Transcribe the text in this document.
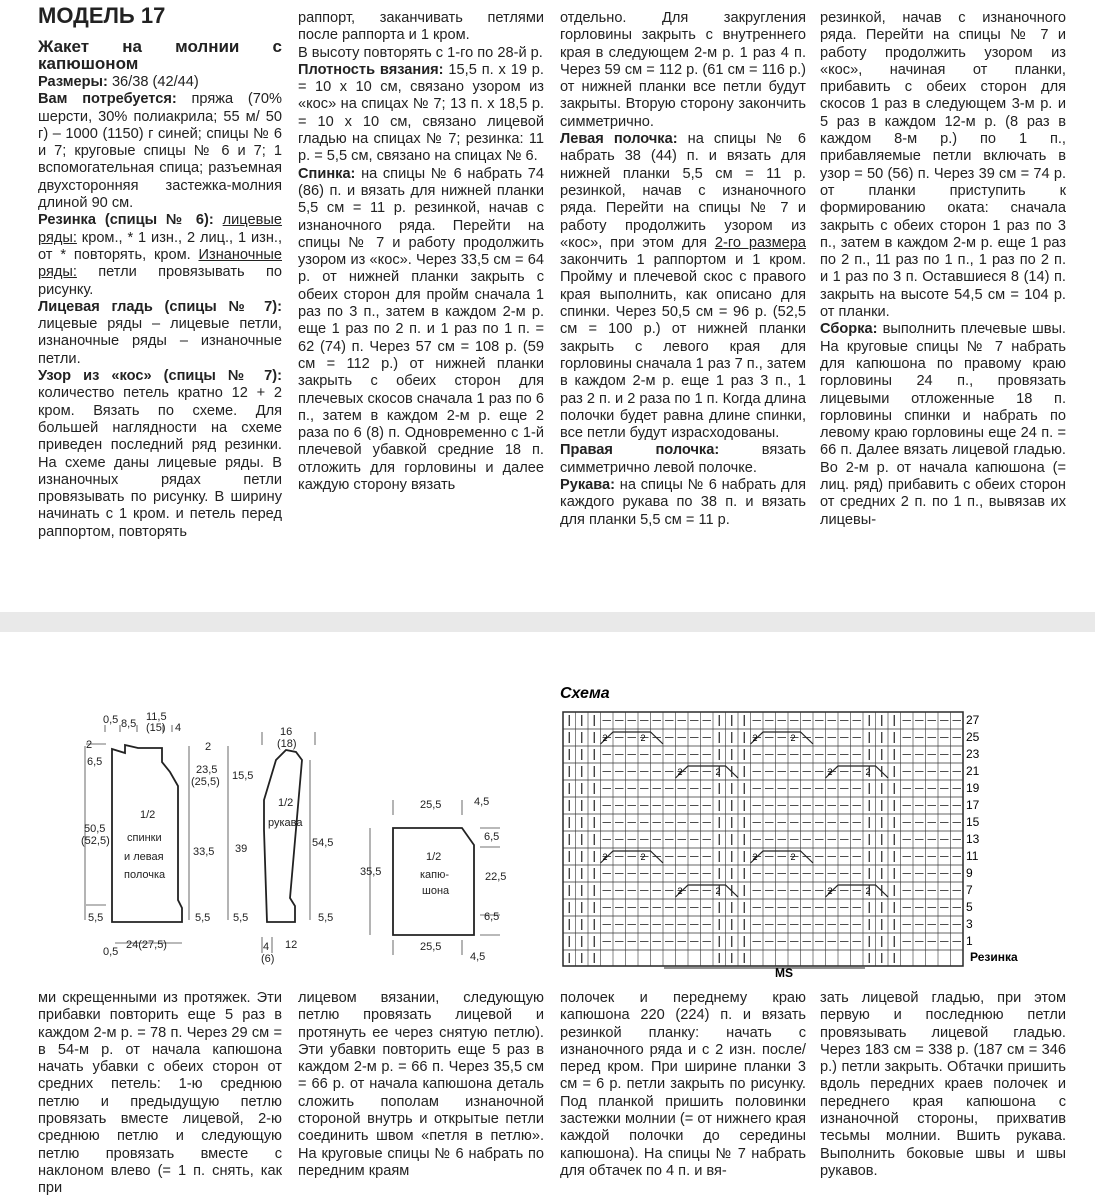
МОДЕЛЬ 17

Жакет на молнии с капюшоном

Размеры: 36/38 (42/44)

Вам потребуется: пряжа (70% шерсти, 30% полиакрила; 55 м/ 50 г) – 1000 (1150) г синей; спицы № 6 и 7; круговые спицы № 6 и 7; 1 вспомогательная спица; разъемная двухсторонняя застежка-молния длиной 90 см.

Резинка (спицы № 6): лицевые ряды: кром., * 1 изн., 2 лиц., 1 изн., от * повторять, кром. Изнаночные ряды: петли провязывать по рисунку.

Лицевая гладь (спицы № 7): лицевые ряды – лицевые петли, изнаночные ряды – изнаночные петли.

Узор из «кос» (спицы № 7): количество петель кратно 12 + 2 кром. Вязать по схеме. Для большей наглядности на схеме приведен последний ряд резинки. На схеме даны лицевые ряды. В изнаночных рядах петли провязывать по рисунку. В ширину начинать с 1 кром. и петель перед раппортом, повторять

раппорт, заканчивать петлями после раппорта и 1 кром.

В высоту повторять с 1-го по 28-й р.

Плотность вязания: 15,5 п. х 19 р. = 10 х 10 см, связано узором из «кос» на спицах № 7; 13 п. х 18,5 р. = 10 х 10 см, связано лицевой гладью на спицах № 7; резинка: 11 р. = 5,5 см, связано на спицах № 6.

Спинка: на спицы № 6 набрать 74 (86) п. и вязать для нижней планки 5,5 см = 11 р. резинкой, начав с изнаночного ряда. Перейти на спицы № 7 и работу продолжить узором из «кос». Через 33,5 см = 64 р. от нижней планки закрыть с обеих сторон для пройм сначала 1 раз по 3 п., затем в каждом 2-м р. еще 1 раз по 2 п. и 1 раз по 1 п. = 62 (74) п. Через 57 см = 108 р. (59 см = 112 р.) от нижней планки закрыть с обеих сторон для плечевых скосов сначала 1 раз по 6 п., затем в каждом 2-м р. еще 2 раза по 6 (8) п. Одновременно с 1-й плечевой убавкой средние 18 п. отложить для горловины и далее каждую сторону вязать

отдельно. Для закругления горловины закрыть с внутреннего края в следующем 2-м р. 1 раз 4 п. Через 59 см = 112 р. (61 см = 116 р.) от нижней планки все петли будут закрыты. Вторую сторону закончить симметрично.

Левая полочка: на спицы № 6 набрать 38 (44) п. и вязать для нижней планки 5,5 см = 11 р. резинкой, начав с изнаночного ряда. Перейти на спицы № 7 и работу продолжить узором из «кос», при этом для 2-го размера закончить 1 раппортом и 1 кром. Пройму и плечевой скос с правого края выполнить, как описано для спинки. Через 50,5 см = 96 р. (52,5 см = 100 р.) от нижней планки закрыть с левого края для горловины сначала 1 раз 7 п., затем в каждом 2-м р. еще 1 раз 3 п., 1 раз 2 п. и 2 раза по 1 п. Когда длина полочки будет равна длине спинки, все петли будут израсходованы.

Правая полочка: вязать симметрично левой полочке.

Рукава: на спицы № 6 набрать для каждого рукава по 38 п. и вязать для планки 5,5 см = 11 р.

резинкой, начав с изнаночного ряда. Перейти на спицы № 7 и работу продолжить узором из «кос», начиная от планки, прибавить с обеих сторон для скосов 1 раз в следующем 3-м р. и 5 раз в каждом 12-м р. (8 раз в каждом 8-м р.) по 1 п., прибавляемые петли включать в узор = 50 (56) п. Через 39 см = 74 р. от планки приступить к формированию оката: сначала закрыть с обеих сторон 1 раз по 3 п., затем в каждом 2-м р. еще 1 раз по 2 п., 11 раз по 1 п., 1 раз по 2 п. и 1 раз по 3 п. Оставшиеся 8 (14) п. закрыть на высоте 54,5 см = 104 р. от планки.

Сборка: выполнить плечевые швы. На круговые спицы № 7 набрать для капюшона по правому краю горловины 24 п., провязать лицевыми отложенные 18 п. горловины спинки и набрать по левому краю горловины еще 24 п. = 66 п. Далее вязать лицевой гладью. Во 2-м р. от начала капюшона (= лиц. ряд) прибавить с обеих сторон от средних 2 п. по 1 п., вывязав их лицевы-

0,5 8,5
11,5
(15) 4
2
6,5
2
23,5
(25,5) 15,5
50,5
(52,5)
33,5 39
1/2
спинки
и левая
полочка
5,5	5,5 5,5
0,5
24(27,5)
16
(18)
1/2
рукава
54,5
5,5
4
(6)
12
25,5	4,5
6,5
35,5
1/2
капю-
шона
22,5
6,5
25,5
4,5
Схема
2	2	2	2
2	2	2	2
2	2	2	2
2	2	2	2
27
25
23
21
19
17
15
13
11
9
7
5
3
1
MS
Резинка
ми скрещенными из протяжек. Эти прибавки повторить еще 5 раз в каждом 2-м р. = 78 п. Через 29 см = в 54-м р. от начала капюшона начать убавки с обеих сторон от средних петель: 1-ю среднюю петлю и предыдущую петлю провязать вместе лицевой, 2-ю среднюю петлю и следующую петлю провязать вместе с наклоном влево (= 1 п. снять, как при
лицевом вязании, следующую петлю провязать лицевой и протянуть ее через снятую петлю). Эти убавки повторить еще 5 раз в каждом 2-м р. = 66 п. Через 35,5 см = 66 р. от начала капюшона деталь сложить пополам изнаночной стороной внутрь и открытые петли соединить швом «петля в петлю». На круговые спицы № 6 набрать по передним краям
полочек и переднему краю капюшона 220 (224) п. и вязать резинкой планку: начать с изнаночного ряда и с 2 изн. после/перед кром. При ширине планки 3 см = 6 р. петли закрыть по рисунку. Под планкой пришить половинки застежки молнии (= от нижнего края каждой полочки до середины капюшона). На спицы № 7 набрать для обтачек по 4 п. и вя-
зать лицевой гладью, при этом первую и последнюю петли провязывать лицевой гладью. Через 183 см = 338 р. (187 см = 346 р.) петли закрыть. Обтачки пришить вдоль передних краев полочек и переднего края капюшона с изнаночной стороны, прихватив тесьмы молнии. Вшить рукава. Выполнить боковые швы и швы рукавов.
